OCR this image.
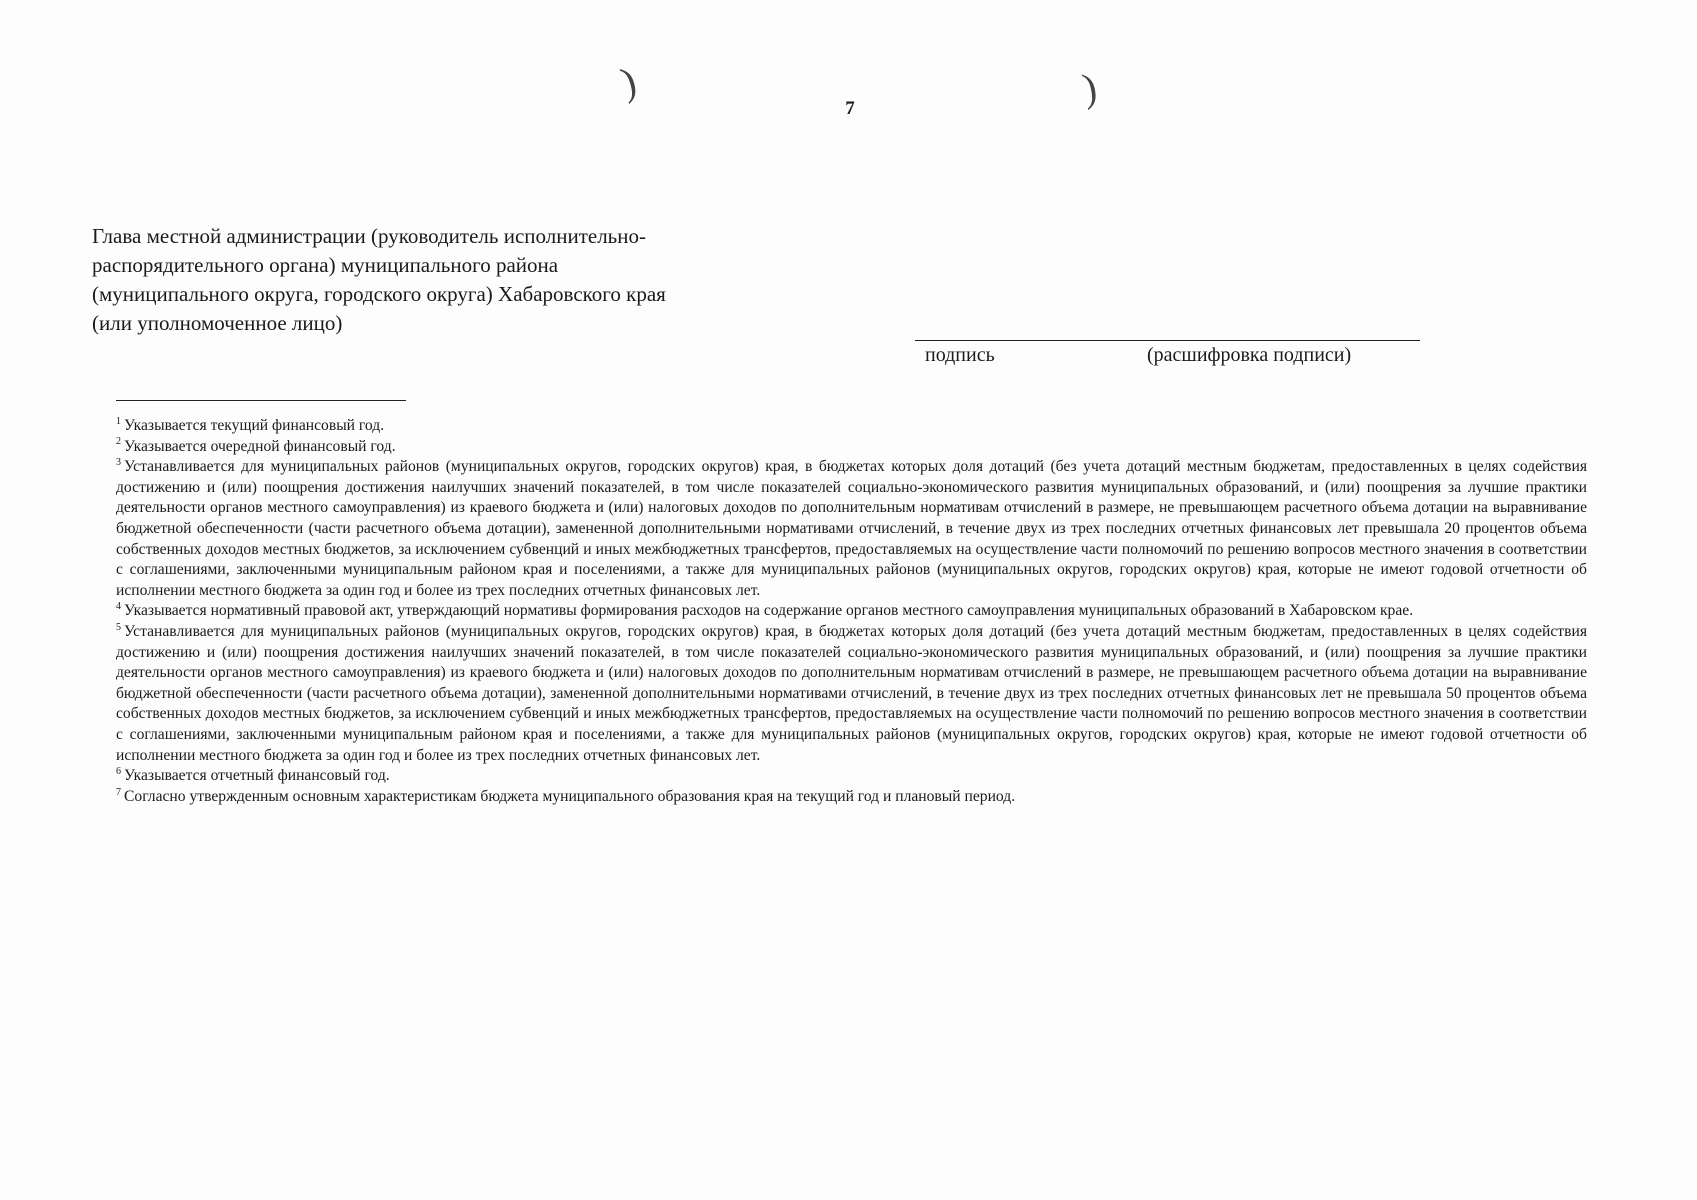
)	)
7
Глава местной администрации (руководитель исполнительно-
распорядительного органа) муниципального района
(муниципального округа, городского округа) Хабаровского края
(или уполномоченное лицо)
подпись	(расшифровка подписи)

$^1$ Указывается текущий финансовый год.

$^2$ Указывается очередной финансовый год.

$^3$ Устанавливается для муниципальных районов (муниципальных округов, городских округов) края, в бюджетах которых доля дотаций (без учета дотаций местным бюджетам, предоставленных в целях содействия достижению и (или) поощрения достижения наилучших значений показателей, в том числе показателей социально-экономического развития муниципальных образований, и (или) поощрения за лучшие практики деятельности органов местного самоуправления) из краевого бюджета и (или) налоговых доходов по дополнительным нормативам отчислений в размере, не превышающем расчетного объема дотации на выравнивание бюджетной обеспеченности (части расчетного объема дотации), замененной дополнительными нормативами отчислений, в течение двух из трех последних отчетных финансовых лет превышала 20 процентов объема собственных доходов местных бюджетов, за исключением субвенций и иных межбюджетных трансфертов, предоставляемых на осуществление части полномочий по решению вопросов местного значения в соответствии с соглашениями, заключенными муниципальным районом края и поселениями, а также для муниципальных районов (муниципальных округов, городских округов) края, которые не имеют годовой отчетности об исполнении местного бюджета за один год и более из трех последних отчетных финансовых лет.

$^4$ Указывается нормативный правовой акт, утверждающий нормативы формирования расходов на содержание органов местного самоуправления муниципальных образований в Хабаровском крае.

$^5$ Устанавливается для муниципальных районов (муниципальных округов, городских округов) края, в бюджетах которых доля дотаций (без учета дотаций местным бюджетам, предоставленных в целях содействия достижению и (или) поощрения достижения наилучших значений показателей, в том числе показателей социально-экономического развития муниципальных образований, и (или) поощрения за лучшие практики деятельности органов местного самоуправления) из краевого бюджета и (или) налоговых доходов по дополнительным нормативам отчислений в размере, не превышающем расчетного объема дотации на выравнивание бюджетной обеспеченности (части расчетного объема дотации), замененной дополнительными нормативами отчислений, в течение двух из трех последних отчетных финансовых лет не превышала 50 процентов объема собственных доходов местных бюджетов, за исключением субвенций и иных межбюджетных трансфертов, предоставляемых на осуществление части полномочий по решению вопросов местного значения в соответствии с соглашениями, заключенными муниципальным районом края и поселениями, а также для муниципальных районов (муниципальных округов, городских округов) края, которые не имеют годовой отчетности об исполнении местного бюджета за один год и более из трех последних отчетных финансовых лет.

$^6$ Указывается отчетный финансовый год.

$^7$ Согласно утвержденным основным характеристикам бюджета муниципального образования края на текущий год и плановый период.
